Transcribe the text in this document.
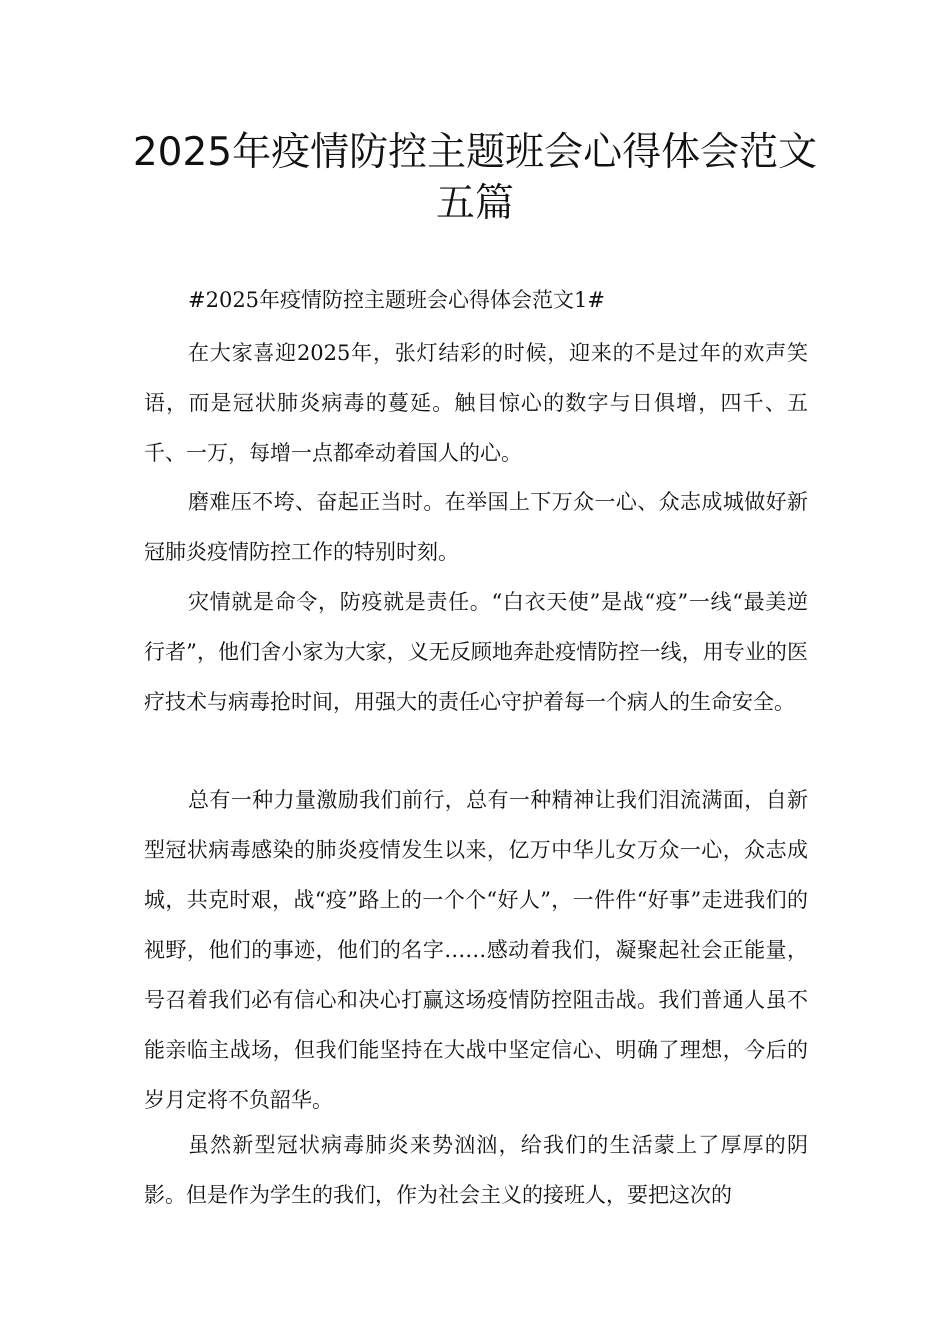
2025年疫情防控主题班会心得体会范文
五篇

#2025年疫情防控主题班会心得体会范文1#

在大家喜迎2025年，张灯结彩的时候，迎来的不是过年的欢声笑语，而是冠状肺炎病毒的蔓延。触目惊心的数字与日俱增，四千、五千、一万，每增一点都牵动着国人的心。

磨难压不垮、奋起正当时。在举国上下万众一心、众志成城做好新冠肺炎疫情防控工作的特别时刻。

灾情就是命令，防疫就是责任。“白衣天使”是战“疫”一线“最美逆行者”，他们舍小家为大家，义无反顾地奔赴疫情防控一线，用专业的医疗技术与病毒抢时间，用强大的责任心守护着每一个病人的生命安全。

总有一种力量激励我们前行，总有一种精神让我们泪流满面，自新型冠状病毒感染的肺炎疫情发生以来，亿万中华儿女万众一心，众志成城，共克时艰，战“疫”路上的一个个“好人”，一件件“好事”走进我们的视野，他们的事迹，他们的名字……感动着我们，凝聚起社会正能量，号召着我们必有信心和决心打赢这场疫情防控阻击战。我们普通人虽不能亲临主战场，但我们能坚持在大战中坚定信心、明确了理想，今后的岁月定将不负韶华。

虽然新型冠状病毒肺炎来势汹汹，给我们的生活蒙上了厚厚的阴影。但是作为学生的我们，作为社会主义的接班人，要把这次的
